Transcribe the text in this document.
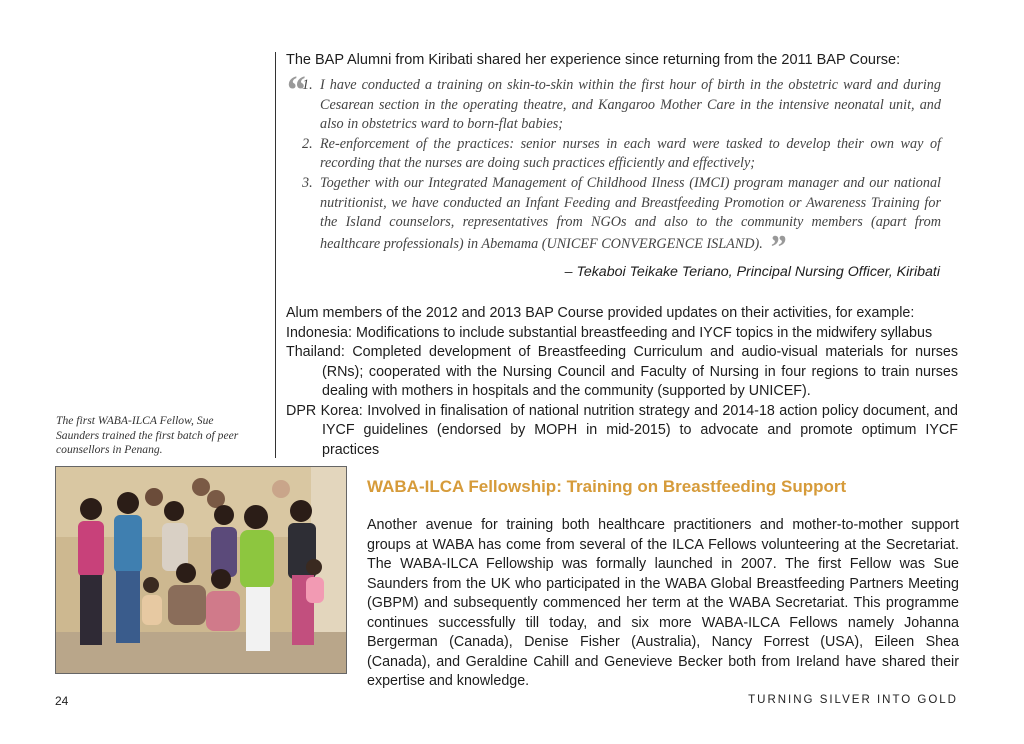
The BAP Alumni from Kiribati shared her experience since returning from the 2011 BAP Course:
“
1. I have conducted a training on skin-to-skin within the first hour of birth in the obstetric ward and during Cesarean section in the operating theatre, and Kangaroo Mother Care in the intensive neonatal unit, and also in obstetrics ward to born-flat babies;
2. Re-enforcement of the practices: senior nurses in each ward were tasked to develop their own way of recording that the nurses are doing such practices efficiently and effectively;
3. Together with our Integrated Management of Childhood Ilness (IMCI) program manager and our national nutritionist, we have conducted an Infant Feeding and Breastfeeding Promotion or Awareness Training for the Island counselors, representatives from NGOs and also to the community members (apart from healthcare professionals) in Abemama (UNICEF CONVERGENCE ISLAND). ”
– Tekaboi Teikake Teriano, Principal Nursing Officer, Kiribati

Alum members of the 2012 and 2013 BAP Course provided updates on their activities, for example:

Indonesia: Modifications to include substantial breastfeeding and IYCF topics in the midwifery syllabus

Thailand: Completed development of Breastfeeding Curriculum and audio-visual materials for nurses (RNs); cooperated with the Nursing Council and Faculty of Nursing in four regions to train nurses dealing with mothers in hospitals and the community (supported by UNICEF).

DPR Korea: Involved in finalisation of national nutrition strategy and 2014-18 action policy document, and IYCF guidelines (endorsed by MOPH in mid-2015) to advocate and promote optimum IYCF practices

The first WABA-ILCA Fellow, Sue Saunders trained the first batch of peer counsellors in Penang.
WABA-ILCA Fellowship: Training on Breastfeeding Support

Another avenue for training both healthcare practitioners and mother-to-mother support groups at WABA has come from several of the ILCA Fellows volunteering at the Secretariat. The WABA-ILCA Fellowship was formally launched in 2007. The first Fellow was Sue Saunders from the UK who participated in the WABA Global Breastfeeding Partners Meeting (GBPM) and subsequently commenced her term at the WABA Secretariat. This programme continues successfully till today, and six more WABA-ILCA Fellows namely Johanna Bergerman (Canada), Denise Fisher (Australia), Nancy Forrest (USA), Eileen Shea (Canada), and Geraldine Cahill and Genevieve Becker both from Ireland have shared their expertise and knowledge.

24	TURNING SILVER INTO GOLD
